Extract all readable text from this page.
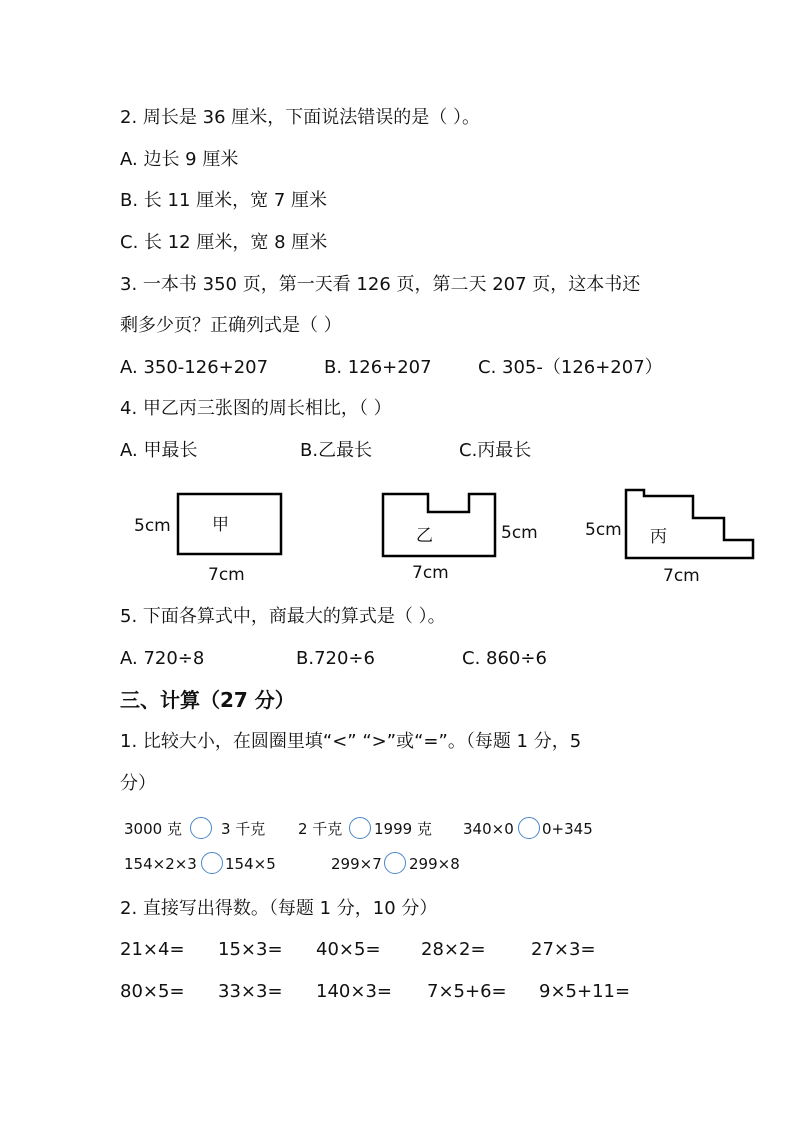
2. 周长是 36 厘米，下面说法错误的是（ ）。
A. 边长 9 厘米
B. 长 11 厘米，宽 7 厘米
C. 长 12 厘米，宽 8 厘米
3. 一本书 350 页，第一天看 126 页，第二天 207 页，这本书还
剩多少页？正确列式是（ ）
A. 350-126+207	B. 126+207	C. 305-（126+207）
4. 甲乙丙三张图的周长相比，（ ）
A. 甲最长	B.乙最长	C.丙最长
甲
5cm
7cm
乙	5cm
7cm
丙
5cm
7cm
5. 下面各算式中，商最大的算式是（ ）。
A. 720÷8	B.720÷6	C. 860÷6
三、计算（27 分）
1. 比较大小，在圆圈里填“<” “>”或“=”。（每题 1 分，5
分）
3000 克	3 千克 2 千克 1999 克 340×0 0+345
154×2×3 154×5	299×7 299×8
2. 直接写出得数。（每题 1 分，10 分）
21×4= 15×3= 40×5= 28×2=	27×3=
80×5= 33×3= 140×3= 7×5+6= 9×5+11=
